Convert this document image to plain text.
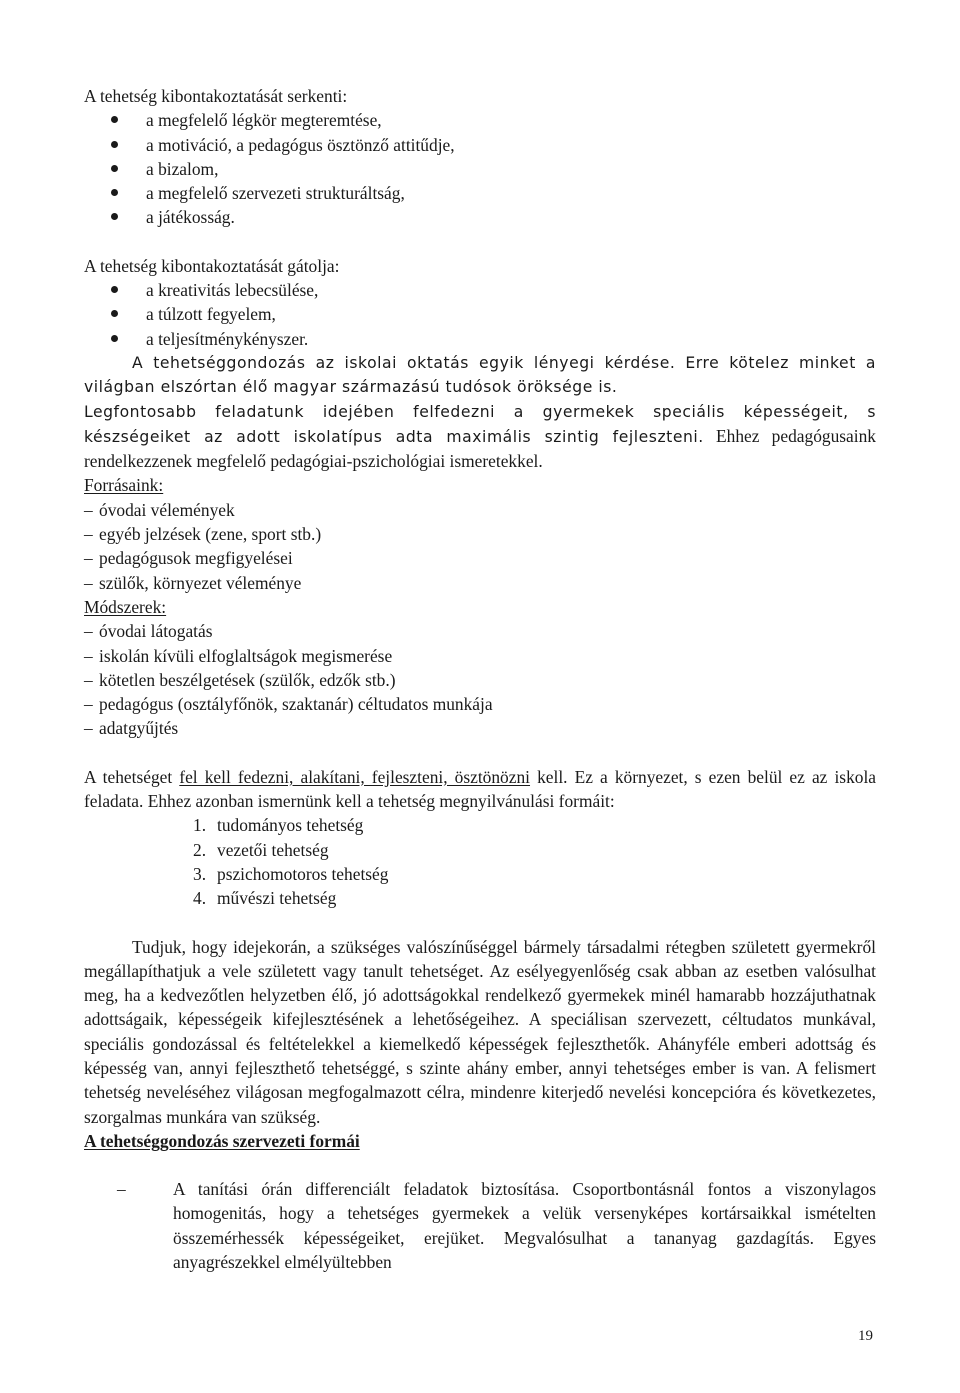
A tehetség kibontakoztatását serkenti:

a megfelelő légkör megteremtése,
a motiváció, a pedagógus ösztönző attitűdje,
a bizalom,
a megfelelő szervezeti strukturáltság,
a játékosság.

A tehetség kibontakoztatását gátolja:

a kreativitás lebecsülése,
a túlzott fegyelem,
a teljesítménykényszer.

A tehetséggondozás az iskolai oktatás egyik lényegi kérdése. Erre kötelez minket a

világban elszórtan élő magyar származású tudósok öröksége is.

Legfontosabb feladatunk idejében felfedezni a gyermekek speciális képességeit, s

készségeiket az adott iskolatípus adta maximális szintig fejleszteni. Ehhez pedagógusaink rendelkezzenek megfelelő pedagógiai-pszichológiai ismeretekkel.

Forrásaink:

– óvodai vélemények
– egyéb jelzések (zene, sport stb.)
– pedagógusok megfigyelései
– szülők, környezet véleménye

Módszerek:

– óvodai látogatás
– iskolán kívüli elfoglaltságok megismerése
– kötetlen beszélgetések (szülők, edzők stb.)
– pedagógus (osztályfőnök, szaktanár) céltudatos munkája
– adatgyűjtés

A tehetséget fel kell fedezni, alakítani, fejleszteni, ösztönözni kell. Ez a környezet, s ezen belül ez az iskola feladata. Ehhez azonban ismernünk kell a tehetség megnyilvánulási formáit:

1. tudományos tehetség
2. vezetői tehetség
3. pszichomotoros tehetség
4. művészi tehetség

Tudjuk, hogy idejekorán, a szükséges valószínűséggel bármely társadalmi rétegben született gyermekről megállapíthatjuk a vele született vagy tanult tehetséget. Az esélyegyenlőség csak abban az esetben valósulhat meg, ha a kedvezőtlen helyzetben élő, jó adottságokkal rendelkező gyermekek minél hamarabb hozzájuthatnak adottságaik, képességeik kifejlesztésének a lehetőségeihez. A speciálisan szervezett, céltudatos munkával, speciális gondozással és feltételekkel a kiemelkedő képességek fejleszthetők. Ahányféle emberi adottság és képesség van, annyi fejleszthető tehetséggé, s szinte ahány ember, annyi tehetséges ember is van. A felismert tehetség neveléséhez világosan megfogalmazott célra, mindenre kiterjedő nevelési koncepcióra és következetes, szorgalmas munkára van szükség.

A tehetséggondozás szervezeti formái

–	A tanítási órán differenciált feladatok biztosítása. Csoportbontásnál fontos a viszonylagos homogenitás, hogy a tehetséges gyermekek a velük versenyképes kortársaikkal ismételten összemérhessék képességeiket, erejüket. Megvalósulhat a tananyag gazdagítás. Egyes anyagrészekkel elmélyültebben

19
